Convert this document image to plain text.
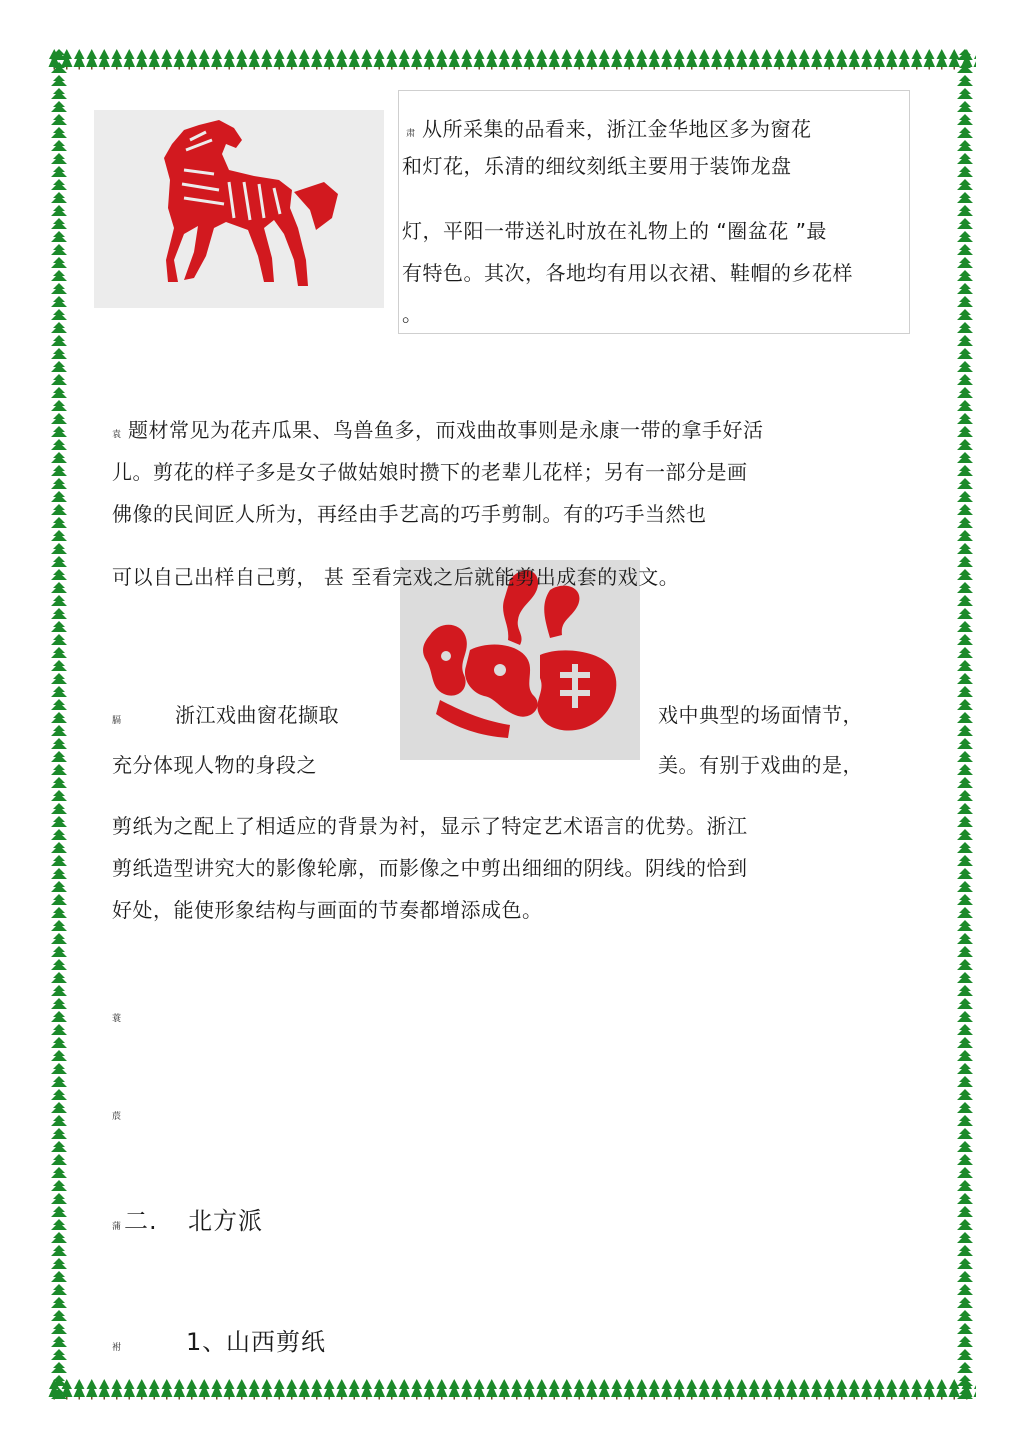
肃 从所采集的品看来，浙江金华地区多为窗花
和灯花，乐清的细纹刻纸主要用于装饰龙盘
灯，平阳一带送礼时放在礼物上的 “圈盆花 ”最
有特色。其次，各地均有用以衣裙、鞋帽的乡花样
。
袁 题材常见为花卉瓜果、鸟兽鱼多，而戏曲故事则是永康一带的拿手好活
儿。剪花的样子多是女子做姑娘时攒下的老辈儿花样；另有一部分是画
佛像的民间匠人所为，再经由手艺高的巧手剪制。有的巧手当然也
可以自己出样自己剪， 甚 至看完戏之后就能剪出成套的戏文。
膈	浙江戏曲窗花撷取	戏中典型的场面情节，
充分体现人物的身段之	美。有别于戏曲的是，
剪纸为之配上了相适应的背景为衬，显示了特定艺术语言的优势。浙江
剪纸造型讲究大的影像轮廓，而影像之中剪出细细的阴线。阴线的恰到
好处，能使形象结构与画面的节奏都增添成色。
蓑
莀
蒲 二. 北方派
袝	1、
山西剪纸
